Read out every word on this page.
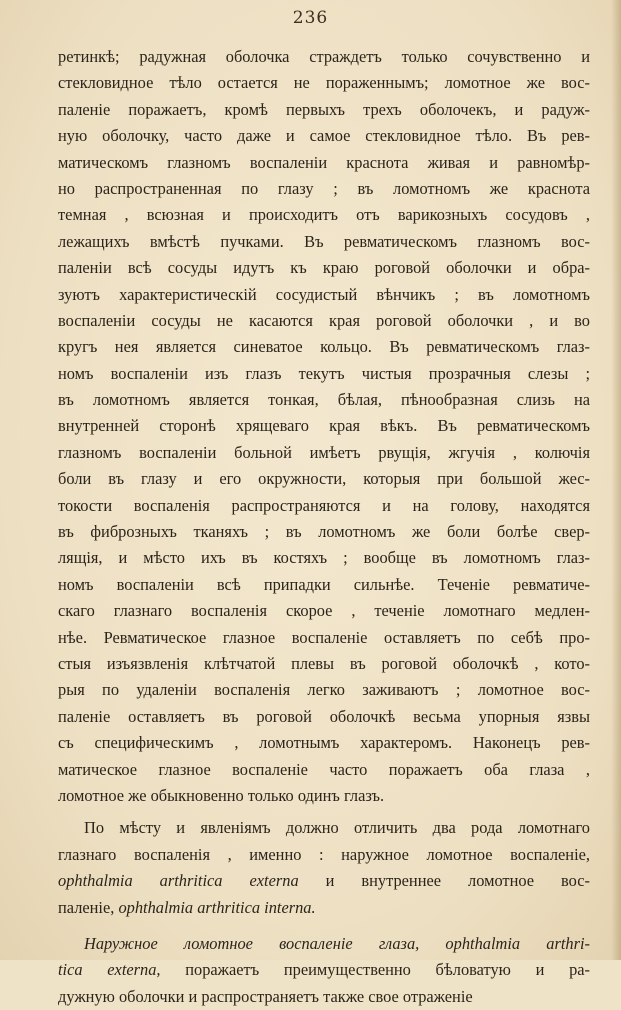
236
ретинкѣ; радужная оболочка страждетъ только сочувственно и
стекловидное тѣло остается не пораженнымъ; ломотное же вос-
паленіе поражаетъ, кромѣ первыхъ трехъ оболочекъ, и радуж-
ную оболочку, часто даже и самое стекловидное тѣло. Въ рев-
матическомъ глазномъ воспаленіи краснота живая и равномѣр-
но распространенная по глазу ; въ ломотномъ же краснота
темная , всюзная и происходитъ отъ варикозныхъ сосудовъ ,
лежащихъ вмѣстѣ пучками. Въ ревматическомъ глазномъ вос-
паленіи всѣ сосуды идутъ къ краю роговой оболочки и обра-
зуютъ характеристическій сосудистый вѣнчикъ ; въ ломотномъ
воспаленіи сосуды не касаются края роговой оболочки , и во
кругъ нея является синеватое кольцо. Въ ревматическомъ глаз-
номъ воспаленіи изъ глазъ текутъ чистыя прозрачныя слезы ;
въ ломотномъ является тонкая, бѣлая, пѣнообразная слизь на
внутренней сторонѣ хрящеваго края вѣкъ. Въ ревматическомъ
глазномъ воспаленіи больной имѣетъ рвущія, жгучія , колючія
боли въ глазу и его окружности, которыя при большой жес-
токости воспаленія распространяются и на голову, находятся
въ фиброзныхъ тканяхъ ; въ ломотномъ же боли болѣе свер-
лящія, и мѣсто ихъ въ костяхъ ; вообще въ ломотномъ глаз-
номъ воспаленіи всѣ припадки сильнѣе. Теченіе ревматиче-
скаго глазнаго воспаленія скорое , теченіе ломотнаго медлен-
нѣе. Ревматическое глазное воспаленіе оставляетъ по себѣ про-
стыя изъязвленія клѣтчатой плевы въ роговой оболочкѣ , кото-
рыя по удаленіи воспаленія легко заживаютъ ; ломотное вос-
паленіе оставляетъ въ роговой оболочкѣ весьма упорныя язвы
съ специфическимъ , ломотнымъ характеромъ. Наконецъ рев-
матическое глазное воспаленіе часто поражаетъ оба глаза ,
ломотное же обыкновенно только одинъ глазъ.
По мѣсту и явленіямъ должно отличить два рода ломотнаго
глазнаго воспаленія , именно : наружное ломотное воспаленіе,
ophthalmia arthritica externa и внутреннее ломотное вос-
паленіе, ophthalmia arthritica interna.
Наружное ломотное воспаленіе глаза, ophthalmia arthri-
tica externa, поражаетъ преимущественно бѣловатую и ра-
дужную оболочки и распространяетъ также свое отраженіе
